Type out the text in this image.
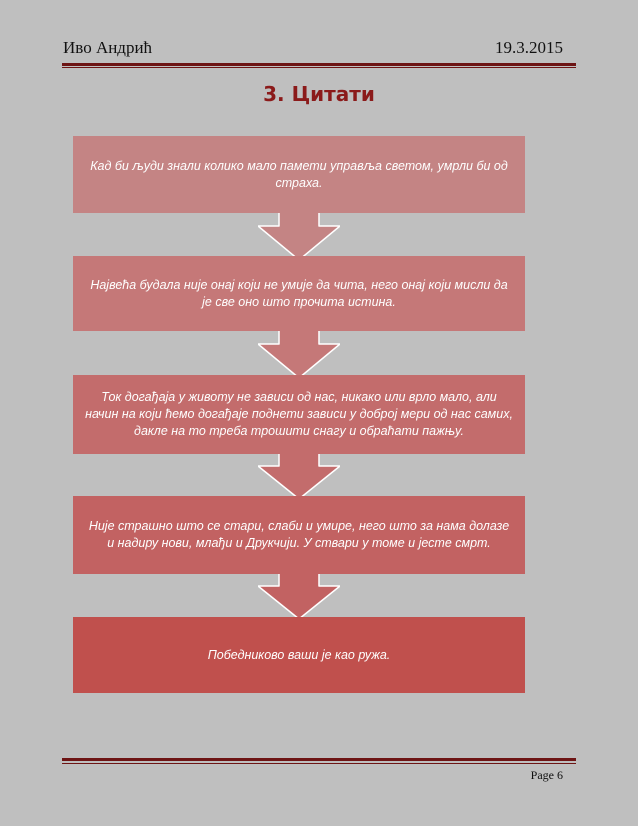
Иво Андрић	19.3.2015
3. Цитати
Кад би људи знали колико мало памети управља светом, умрли би од страха.
Највећа будала није онај који не умије да чита, него онај који мисли да је све оно што прочита истина.
Ток догађаја у животу не зависи од нас, никако или врло мало, али начин на који ћемо догађаје поднети зависи у доброј мери од нас самих, дакле на то треба трошити снагу и обраћати пажњу.
Није страшно што се стари, слаби и умире, него што за нама долазе и надиру нови, млађи и Друкчији. У ствари у томе и јесте смрт.
Победниково ваши је као ружа.
Page 6
